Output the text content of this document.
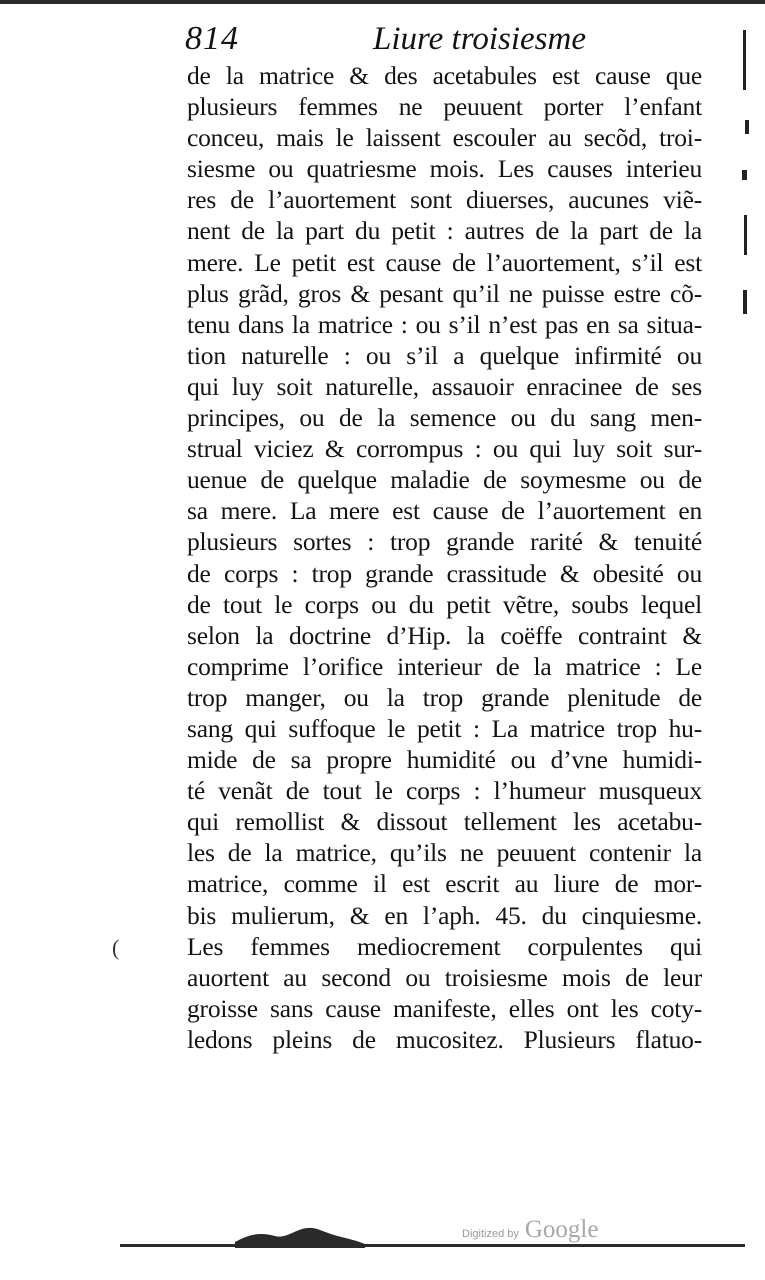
814	Liure troisiesme
de la matrice & des acetabules est cause que
plusieurs femmes ne peuuent porter l’enfant
conceu, mais le laissent escouler au secõd, troi-
siesme ou quatriesme mois. Les causes interieu
res de l’auortement sont diuerses, aucunes viẽ-
nent de la part du petit : autres de la part de la
mere. Le petit est cause de l’auortement, s’il est
plus grãd, gros & pesant qu’il ne puisse estre cõ-
tenu dans la matrice : ou s’il n’est pas en sa situa-
tion naturelle : ou s’il a quelque infirmité ou
qui luy soit naturelle, assauoir enracinee de ses
principes, ou de la semence ou du sang men-
strual viciez & corrompus : ou qui luy soit sur-
uenue de quelque maladie de soymesme ou de
sa mere. La mere est cause de l’auortement en
plusieurs sortes : trop grande rarité & tenuité
de corps : trop grande crassitude & obesité ou
de tout le corps ou du petit vẽtre, soubs lequel
selon la doctrine d’Hip. la coëffe contraint &
comprime l’orifice interieur de la matrice : Le
trop manger, ou la trop grande plenitude de
sang qui suffoque le petit : La matrice trop hu-
mide de sa propre humidité ou d’vne humidi-
té venãt de tout le corps : l’humeur musqueux
qui remollist & dissout tellement les acetabu-
les de la matrice, qu’ils ne peuuent contenir la
matrice, comme il est escrit au liure de mor-
bis mulierum, & en l’aph. 45. du cinquiesme.
Les femmes mediocrement corpulentes qui
auortent au second ou troisiesme mois de leur
groisse sans cause manifeste, elles ont les coty-
ledons pleins de mucositez. Plusieurs flatuo-
(
Digitized by Google
